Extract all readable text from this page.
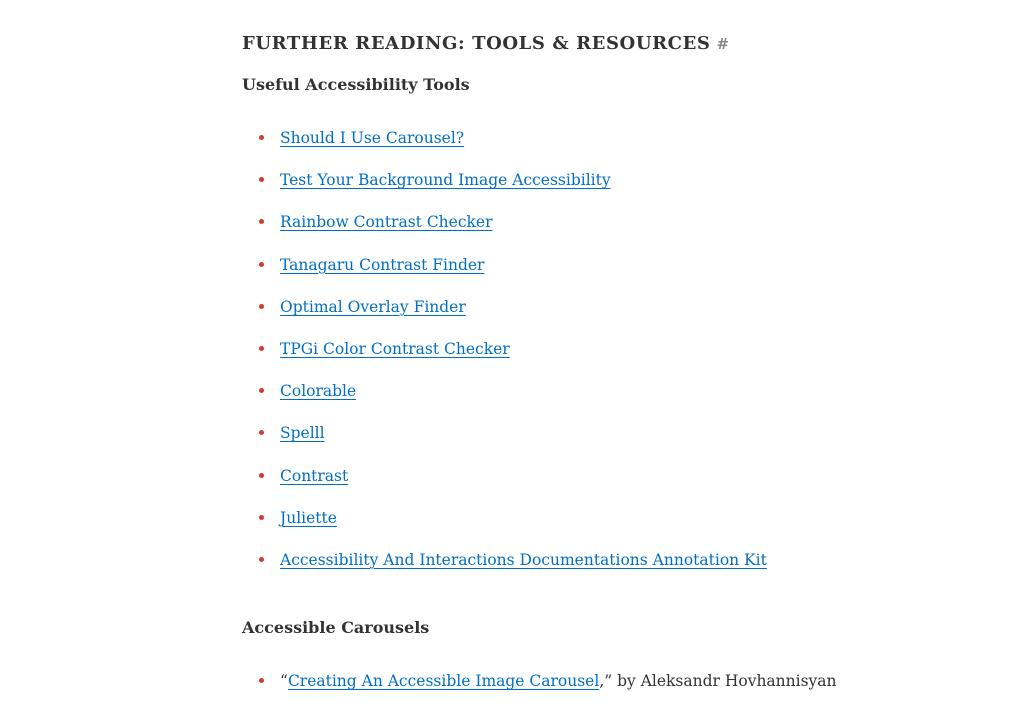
FURTHER READING: TOOLS & RESOURCES #
Useful Accessibility Tools
Should I Use Carousel?
Test Your Background Image Accessibility
Rainbow Contrast Checker
Tanagaru Contrast Finder
Optimal Overlay Finder
TPGi Color Contrast Checker
Colorable
Spelll
Contrast
Juliette
Accessibility And Interactions Documentations Annotation Kit
Accessible Carousels
“Creating An Accessible Image Carousel,” by Aleksandr Hovhannisyan
